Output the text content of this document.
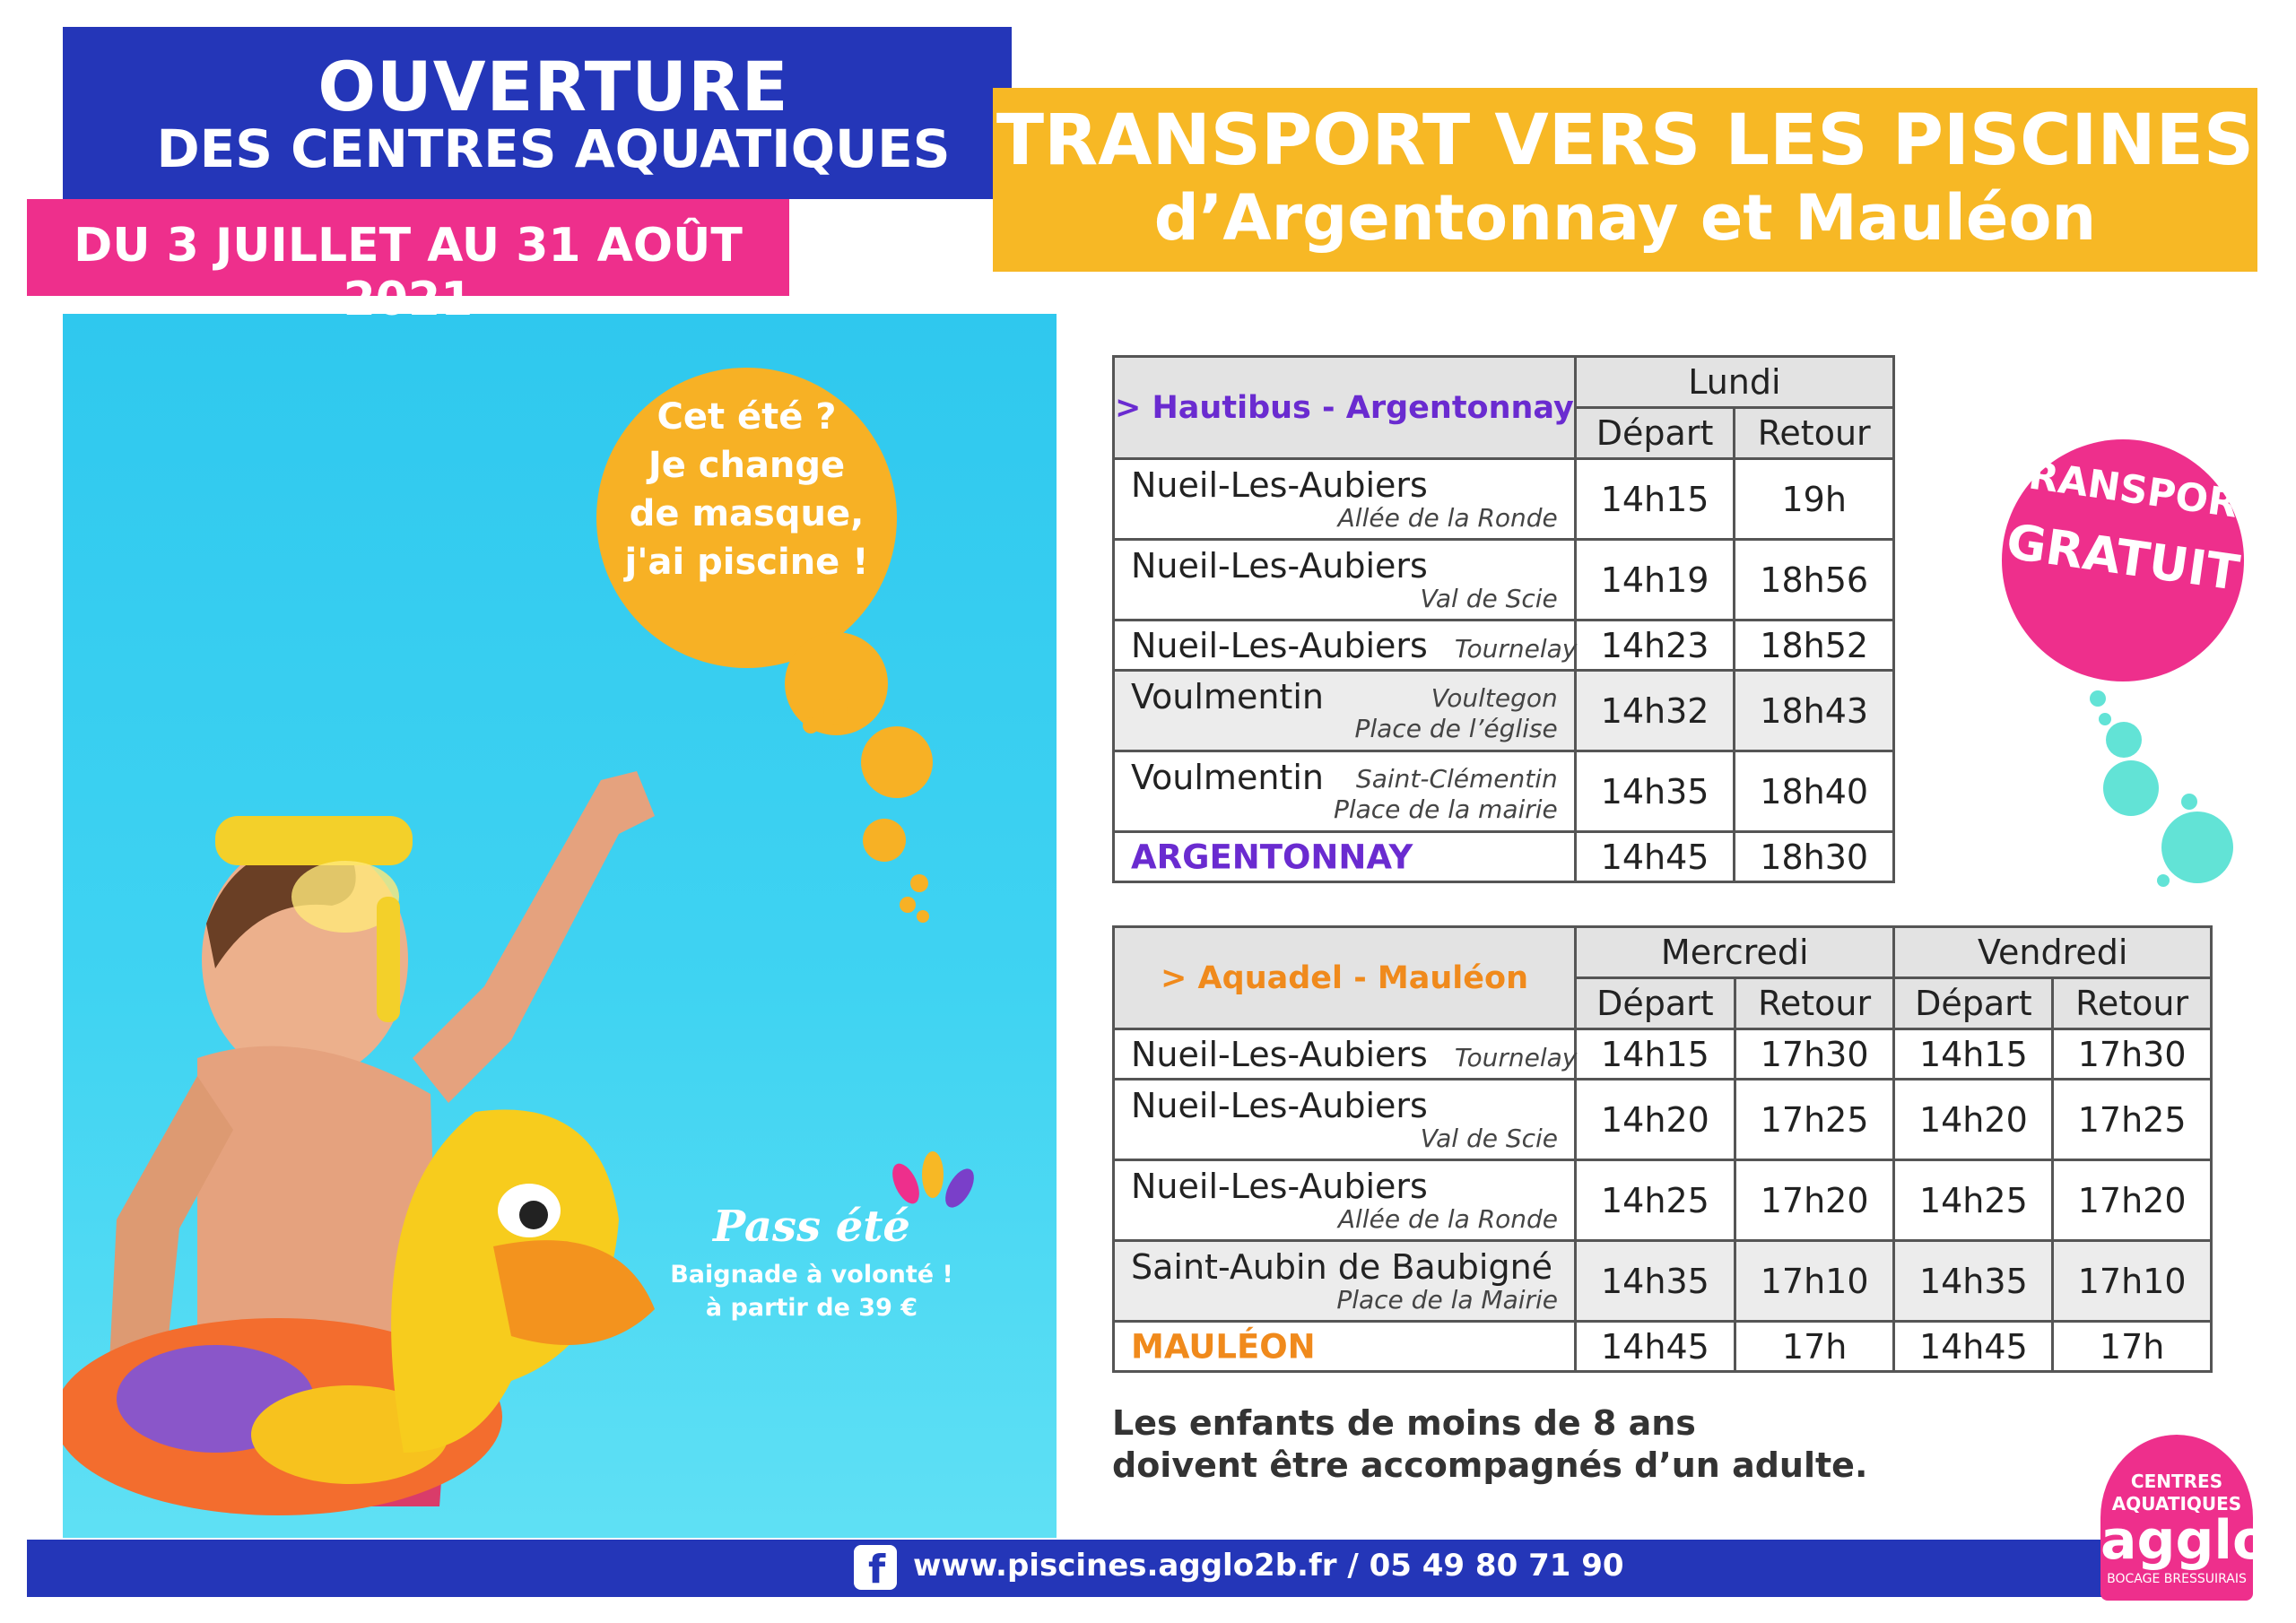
OUVERTURE
DES CENTRES AQUATIQUES
DU 3 JUILLET AU 31 AOÛT 2021
Cet été ?
Je change
de masque,
j'ai piscine !
Pass été
Baignade à volonté !
à partir de 39 €
TRANSPORT VERS LES PISCINES
d’Argentonnay et Mauléon
TRANSPORT
GRATUIT
> Hautibus - Argentonnay	Lundi	
	Départ	Retour

Nueil-Les-Aubiers
Allée de la Ronde	14h15	19h

Nueil-Les-Aubiers
Val de Scie	14h19	18h56

Nueil-Les-Aubiers Tournelay	14h23	18h52

Voulmentin Voultegon
Place de l’église	14h32	18h43

Voulmentin Saint-Clémentin
Place de la mairie	14h35	18h40

ARGENTONNAY	14h45	18h30
> Aquadel - Mauléon	Mercredi		Vendredi	
	Départ	Retour	Départ	Retour

Nueil-Les-Aubiers Tournelay	14h15	17h30	14h15	17h30

Nueil-Les-Aubiers
Val de Scie	14h20	17h25	14h20	17h25

Nueil-Les-Aubiers
Allée de la Ronde	14h25	17h20	14h25	17h20

Saint-Aubin de Baubigné
Place de la Mairie	14h35	17h10	14h35	17h10

MAULÉON	14h45	17h	14h45	17h
Les enfants de moins de 8 ans
doivent être accompagnés d’un adulte.
f www.piscines.agglo2b.fr / 05 49 80 71 90
CENTRES
AQUATIQUES
agglo
BOCAGE BRESSUIRAIS
